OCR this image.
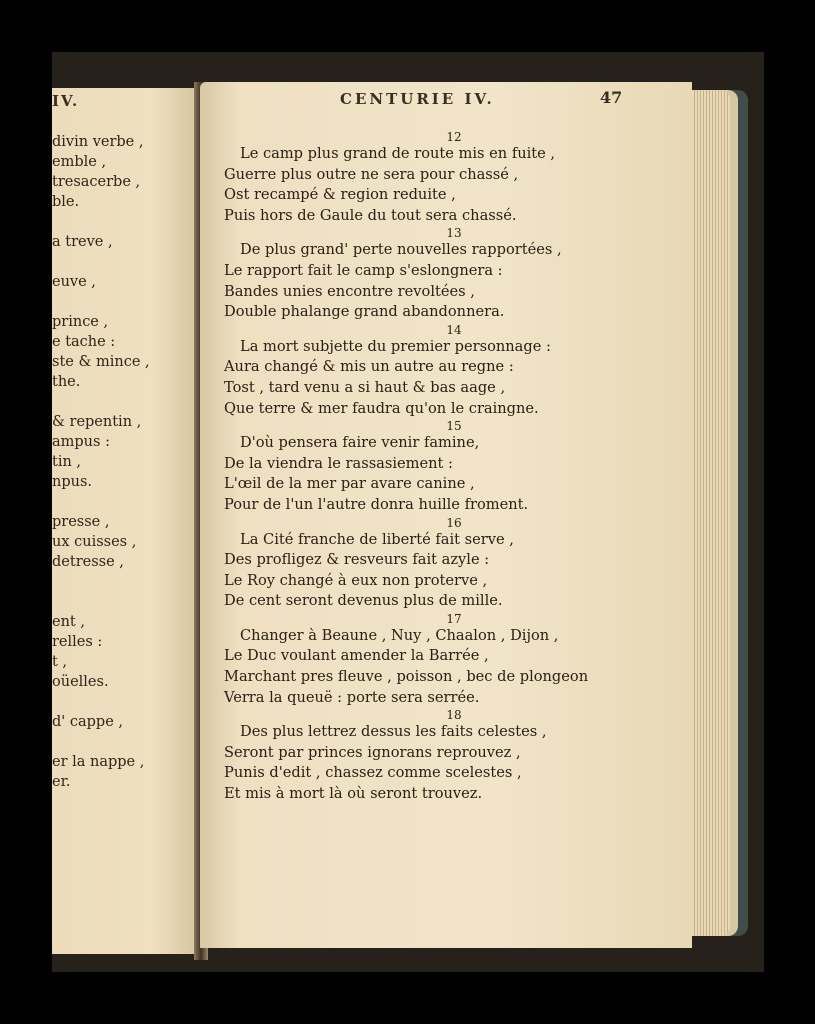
IV.
divin verbe ,
emble ,
tresacerbe ,
ble.
a treve ,
euve ,
prince ,
e tache :
ste & mince ,
the.
& repentin ,
ampus :
tin ,
npus.
presse ,
ux cuisses ,
detresse ,
ent ,
relles :
t ,
oüelles.
d' cappe ,
er la nappe ,
er.
CENTURIE IV.	47
12
Le camp plus grand de route mis en fuite ,
Guerre plus outre ne sera pour chassé ,
Ost recampé & region reduite ,
Puis hors de Gaule du tout sera chassé.
13
De plus grand' perte nouvelles rapportées ,
Le rapport fait le camp s'eslongnera :
Bandes unies encontre revoltées ,
Double phalange grand abandonnera.
14
La mort subjette du premier personnage :
Aura changé & mis un autre au regne :
Tost , tard venu a si haut & bas aage ,
Que terre & mer faudra qu'on le craingne.
15
D'où pensera faire venir famine,
De la viendra le rassasiement :
L'œil de la mer par avare canine ,
Pour de l'un l'autre donra huille froment.
16
La Cité franche de liberté fait serve ,
Des profligez & resveurs fait azyle :
Le Roy changé à eux non proterve ,
De cent seront devenus plus de mille.
17
Changer à Beaune , Nuy , Chaalon , Dijon ,
Le Duc voulant amender la Barrée ,
Marchant pres fleuve , poisson , bec de plongeon
Verra la queuë : porte sera serrée.
18
Des plus lettrez dessus les faits celestes ,
Seront par princes ignorans reprouvez ,
Punis d'edit , chassez comme scelestes ,
Et mis à mort là où seront trouvez.
